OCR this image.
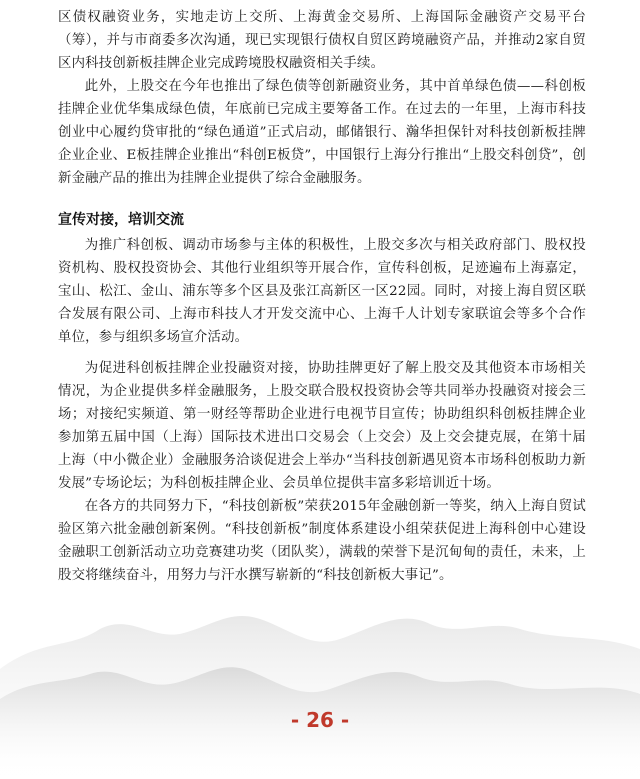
区债权融资业务，实地走访上交所、上海黄金交易所、上海国际金融资产交易平台（筹），并与市商委多次沟通，现已实现银行债权自贸区跨境融资产品，并推动2家自贸区内科技创新板挂牌企业完成跨境股权融资相关手续。

此外，上股交在今年也推出了绿色债等创新融资业务，其中首单绿色债——科创板挂牌企业优华集成绿色债，年底前已完成主要筹备工作。在过去的一年里，上海市科技创业中心履约贷审批的“绿色通道”正式启动，邮储银行、瀚华担保针对科技创新板挂牌企业企业、E板挂牌企业推出“科创E板贷”，中国银行上海分行推出“上股交科创贷”，创新金融产品的推出为挂牌企业提供了综合金融服务。

宣传对接，培训交流

为推广科创板、调动市场参与主体的积极性，上股交多次与相关政府部门、股权投资机构、股权投资协会、其他行业组织等开展合作，宣传科创板，足迹遍布上海嘉定，宝山、松江、金山、浦东等多个区县及张江高新区一区22园。同时，对接上海自贸区联合发展有限公司、上海市科技人才开发交流中心、上海千人计划专家联谊会等多个合作单位，参与组织多场宣介活动。

为促进科创板挂牌企业投融资对接，协助挂牌更好了解上股交及其他资本市场相关情况，为企业提供多样金融服务，上股交联合股权投资协会等共同举办投融资对接会三场；对接纪实频道、第一财经等帮助企业进行电视节目宣传；协助组织科创板挂牌企业参加第五届中国（上海）国际技术进出口交易会（上交会）及上交会捷克展，在第十届上海（中小微企业）金融服务洽谈促进会上举办“当科技创新遇见资本市场科创板助力新发展”专场论坛；为科创板挂牌企业、会员单位提供丰富多彩培训近十场。

在各方的共同努力下，“科技创新板”荣获2015年金融创新一等奖，纳入上海自贸试验区第六批金融创新案例。“科技创新板”制度体系建设小组荣获促进上海科创中心建设金融职工创新活动立功竞赛建功奖（团队奖），满载的荣誉下是沉甸甸的责任，未来，上股交将继续奋斗，用努力与汗水撰写崭新的“科技创新板大事记”。

- 26 -
